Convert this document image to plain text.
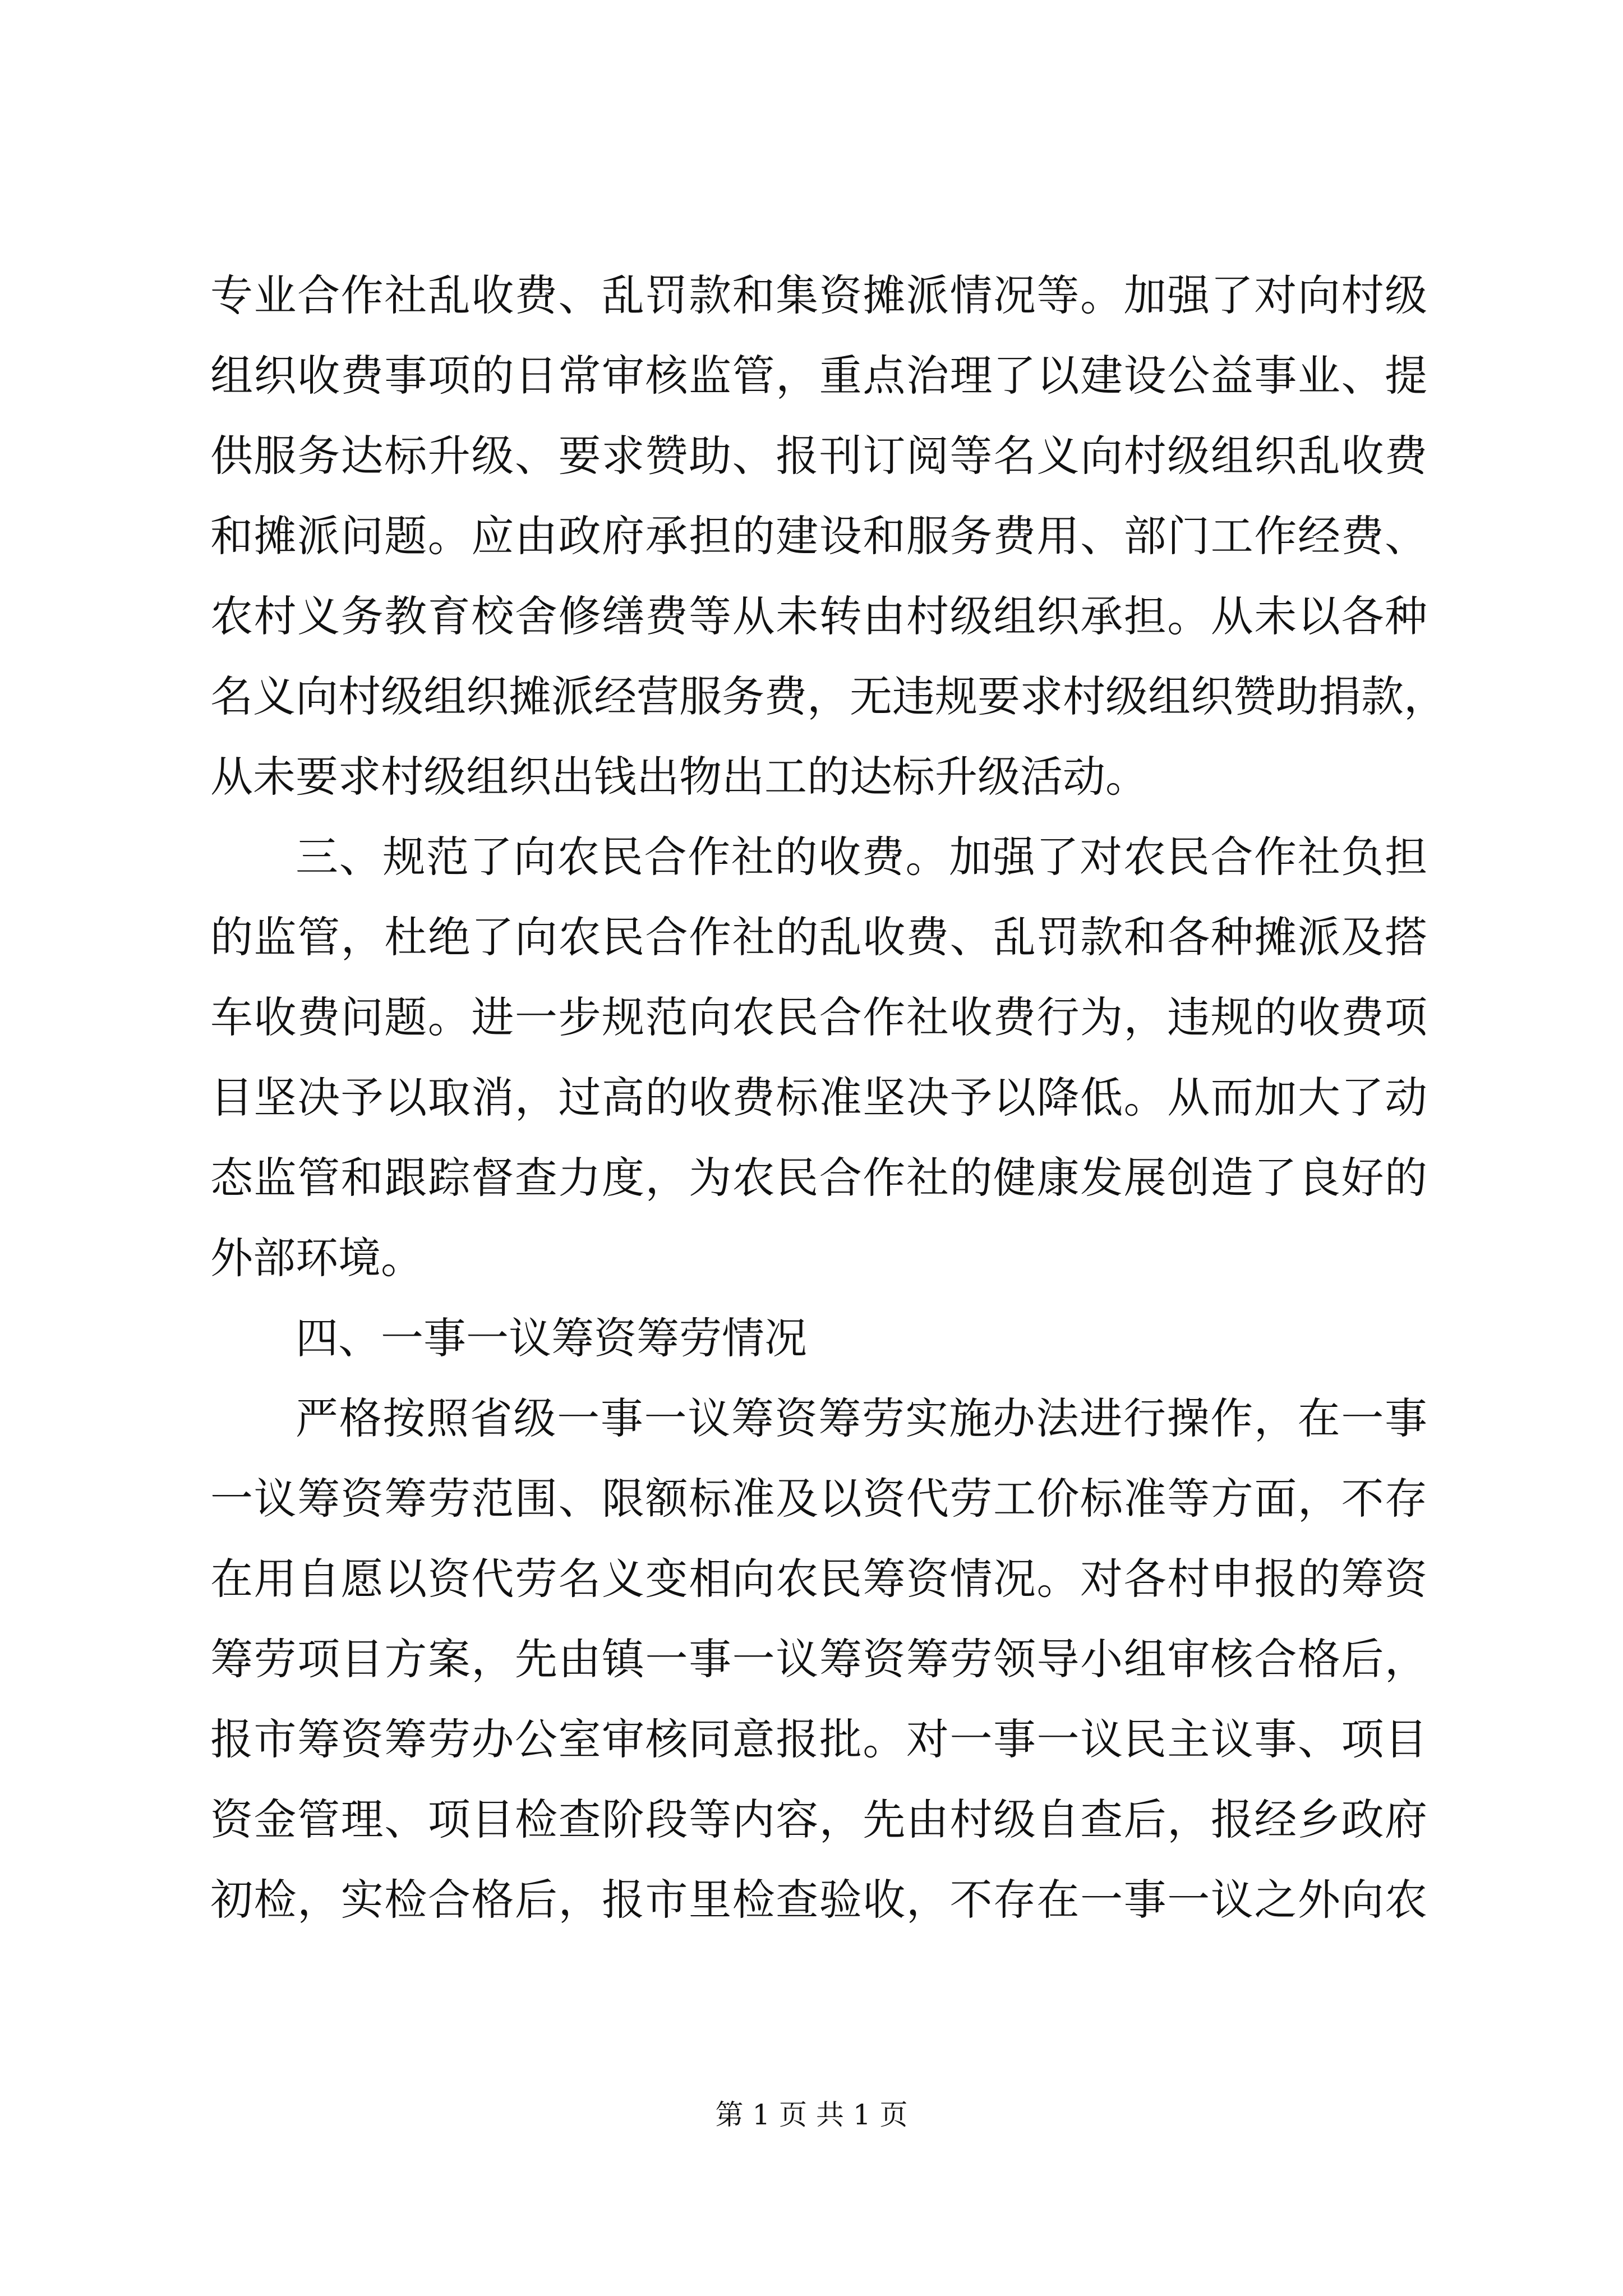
专业合作社乱收费、乱罚款和集资摊派情况等。加强了对向村级
组织收费事项的日常审核监管，重点治理了以建设公益事业、提
供服务达标升级、要求赞助、报刊订阅等名义向村级组织乱收费
和摊派问题。应由政府承担的建设和服务费用、部门工作经费、
农村义务教育校舍修缮费等从未转由村级组织承担。从未以各种
名义向村级组织摊派经营服务费，无违规要求村级组织赞助捐款，
从未要求村级组织出钱出物出工的达标升级活动。
三、规范了向农民合作社的收费。加强了对农民合作社负担
的监管，杜绝了向农民合作社的乱收费、乱罚款和各种摊派及搭
车收费问题。进一步规范向农民合作社收费行为，违规的收费项
目坚决予以取消，过高的收费标准坚决予以降低。从而加大了动
态监管和跟踪督查力度，为农民合作社的健康发展创造了良好的
外部环境。
四、一事一议筹资筹劳情况
严格按照省级一事一议筹资筹劳实施办法进行操作，在一事
一议筹资筹劳范围、限额标准及以资代劳工价标准等方面，不存
在用自愿以资代劳名义变相向农民筹资情况。对各村申报的筹资
筹劳项目方案，先由镇一事一议筹资筹劳领导小组审核合格后，
报市筹资筹劳办公室审核同意报批。对一事一议民主议事、项目
资金管理、项目检查阶段等内容，先由村级自查后，报经乡政府
初检，实检合格后，报市里检查验收，不存在一事一议之外向农
第 1 页 共 1 页
